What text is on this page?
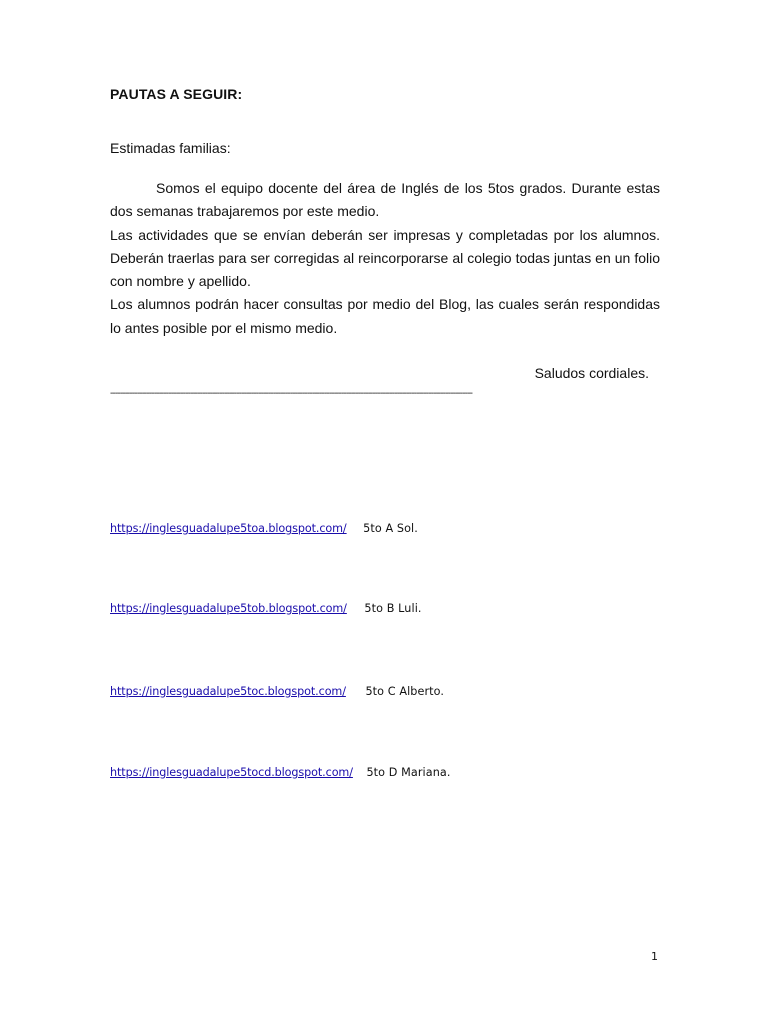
PAUTAS A SEGUIR:
Estimadas familias:

Somos el equipo docente del área de Inglés de los 5tos grados. Durante estas dos semanas trabajaremos por este medio.

Las actividades que se envían deberán ser impresas y completadas por los alumnos. Deberán traerlas para ser corregidas al reincorporarse al colegio todas juntas en un folio con nombre y apellido.

Los alumnos podrán hacer consultas por medio del Blog, las cuales serán respondidas lo antes posible por el mismo medio.

Saludos cordiales.
-----------------------------------------------------------------------------------------------------------------------------------------------------
https://inglesguadalupe5toa.blogspot.com/ 5to A Sol.
https://inglesguadalupe5tob.blogspot.com/ 5to B Luli.
https://inglesguadalupe5toc.blogspot.com/ 5to C Alberto.
https://inglesguadalupe5tocd.blogspot.com/ 5to D Mariana.
1
